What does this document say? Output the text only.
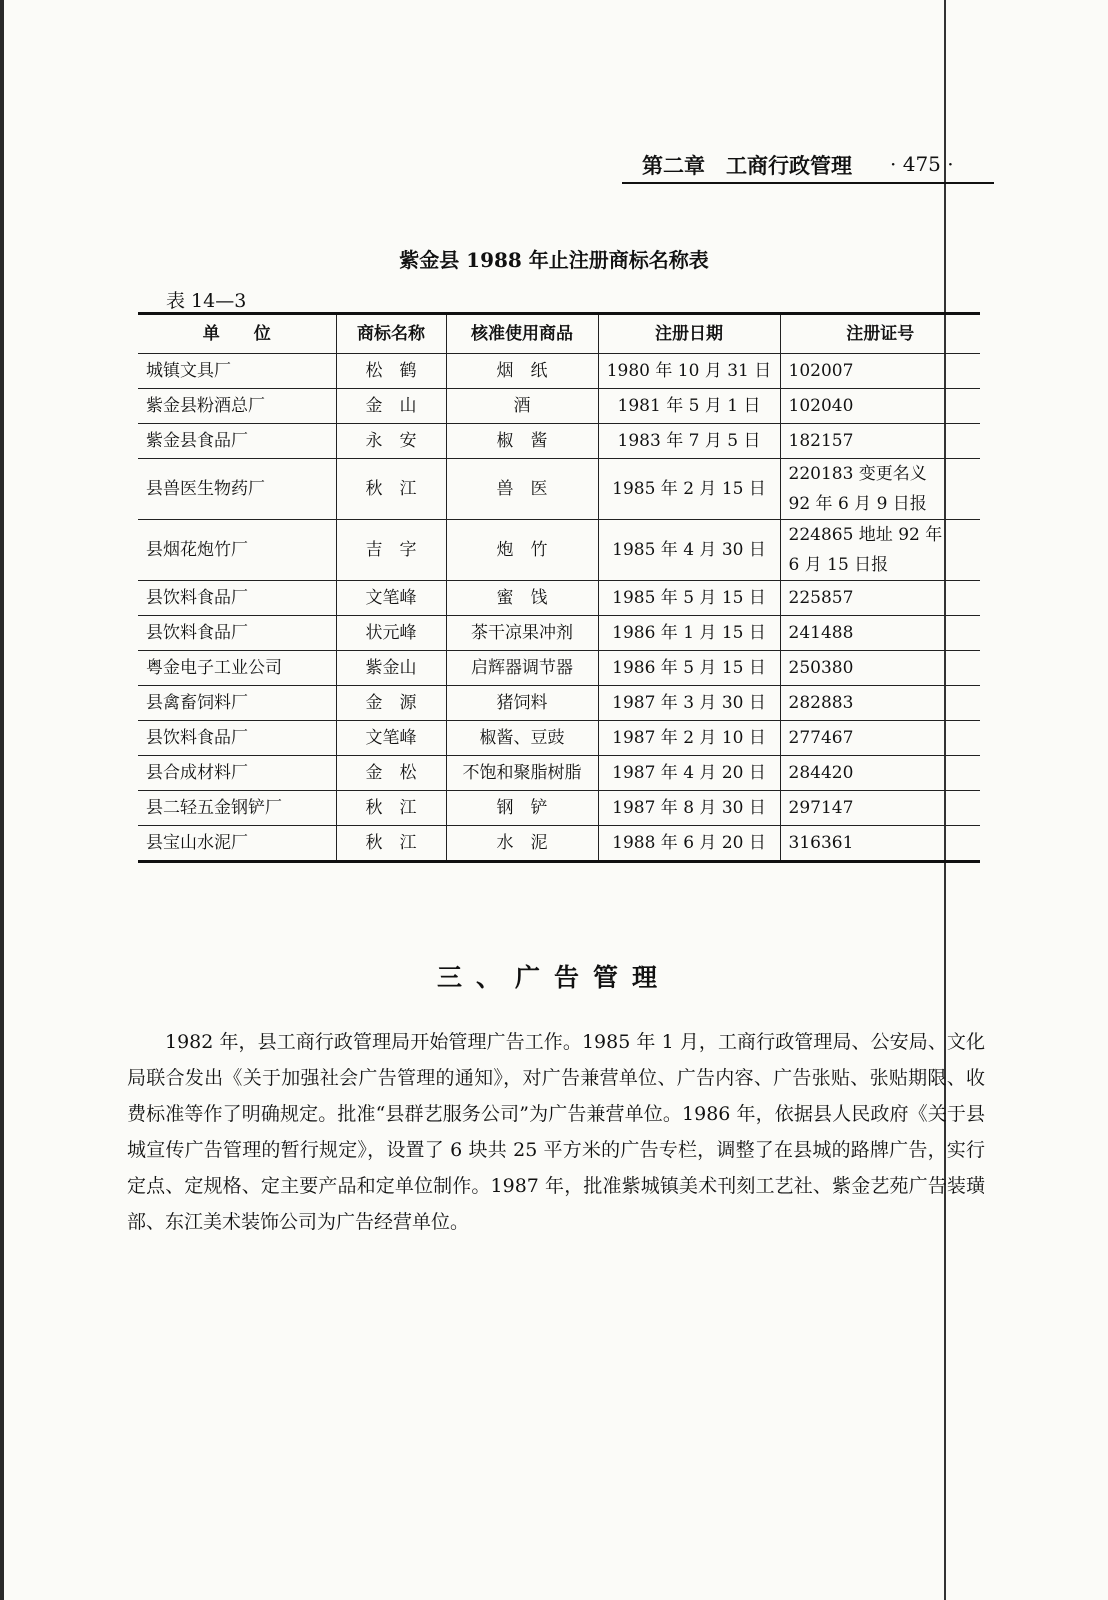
第二章　工商行政管理 · 475 ·
紫金县 1988 年止注册商标名称表
表 14—3
单　　位	商标名称	核准使用商品	注册日期	注册证号
城镇文具厂	松　鹤	烟　纸	1980 年 10 月 31 日	102007
紫金县粉酒总厂	金　山	酒	1981 年 5 月 1 日	102040
紫金县食品厂	永　安	椒　酱	1983 年 7 月 5 日	182157
县兽医生物药厂	秋　江	兽　医	1985 年 2 月 15 日	220183 变更名义
92 年 6 月 9 日报

县烟花炮竹厂	吉　字	炮　竹	1985 年 4 月 30 日	224865 地址 92 年
6 月 15 日报

县饮料食品厂	文笔峰	蜜　饯	1985 年 5 月 15 日	225857
县饮料食品厂	状元峰	茶干凉果冲剂	1986 年 1 月 15 日	241488
粤金电子工业公司	紫金山	启辉器调节器	1986 年 5 月 15 日	250380
县禽畜饲料厂	金　源	猪饲料	1987 年 3 月 30 日	282883
县饮料食品厂	文笔峰	椒酱、豆豉	1987 年 2 月 10 日	277467
县合成材料厂	金　松	不饱和聚脂树脂	1987 年 4 月 20 日	284420
县二轻五金钢铲厂	秋　江	钢　铲	1987 年 8 月 30 日	297147
县宝山水泥厂	秋　江	水　泥	1988 年 6 月 20 日	316361
三、广告管理

1982 年，县工商行政管理局开始管理广告工作。1985 年 1 月，工商行政管理局、公安局、文化局联合发出《关于加强社会广告管理的通知》，对广告兼营单位、广告内容、广告张贴、张贴期限、收费标准等作了明确规定。批准“县群艺服务公司”为广告兼营单位。1986 年，依据县人民政府《关于县城宣传广告管理的暂行规定》，设置了 6 块共 25 平方米的广告专栏，调整了在县城的路牌广告，实行定点、定规格、定主要产品和定单位制作。1987 年，批准紫城镇美术刊刻工艺社、紫金艺苑广告装璜部、东江美术装饰公司为广告经营单位。
